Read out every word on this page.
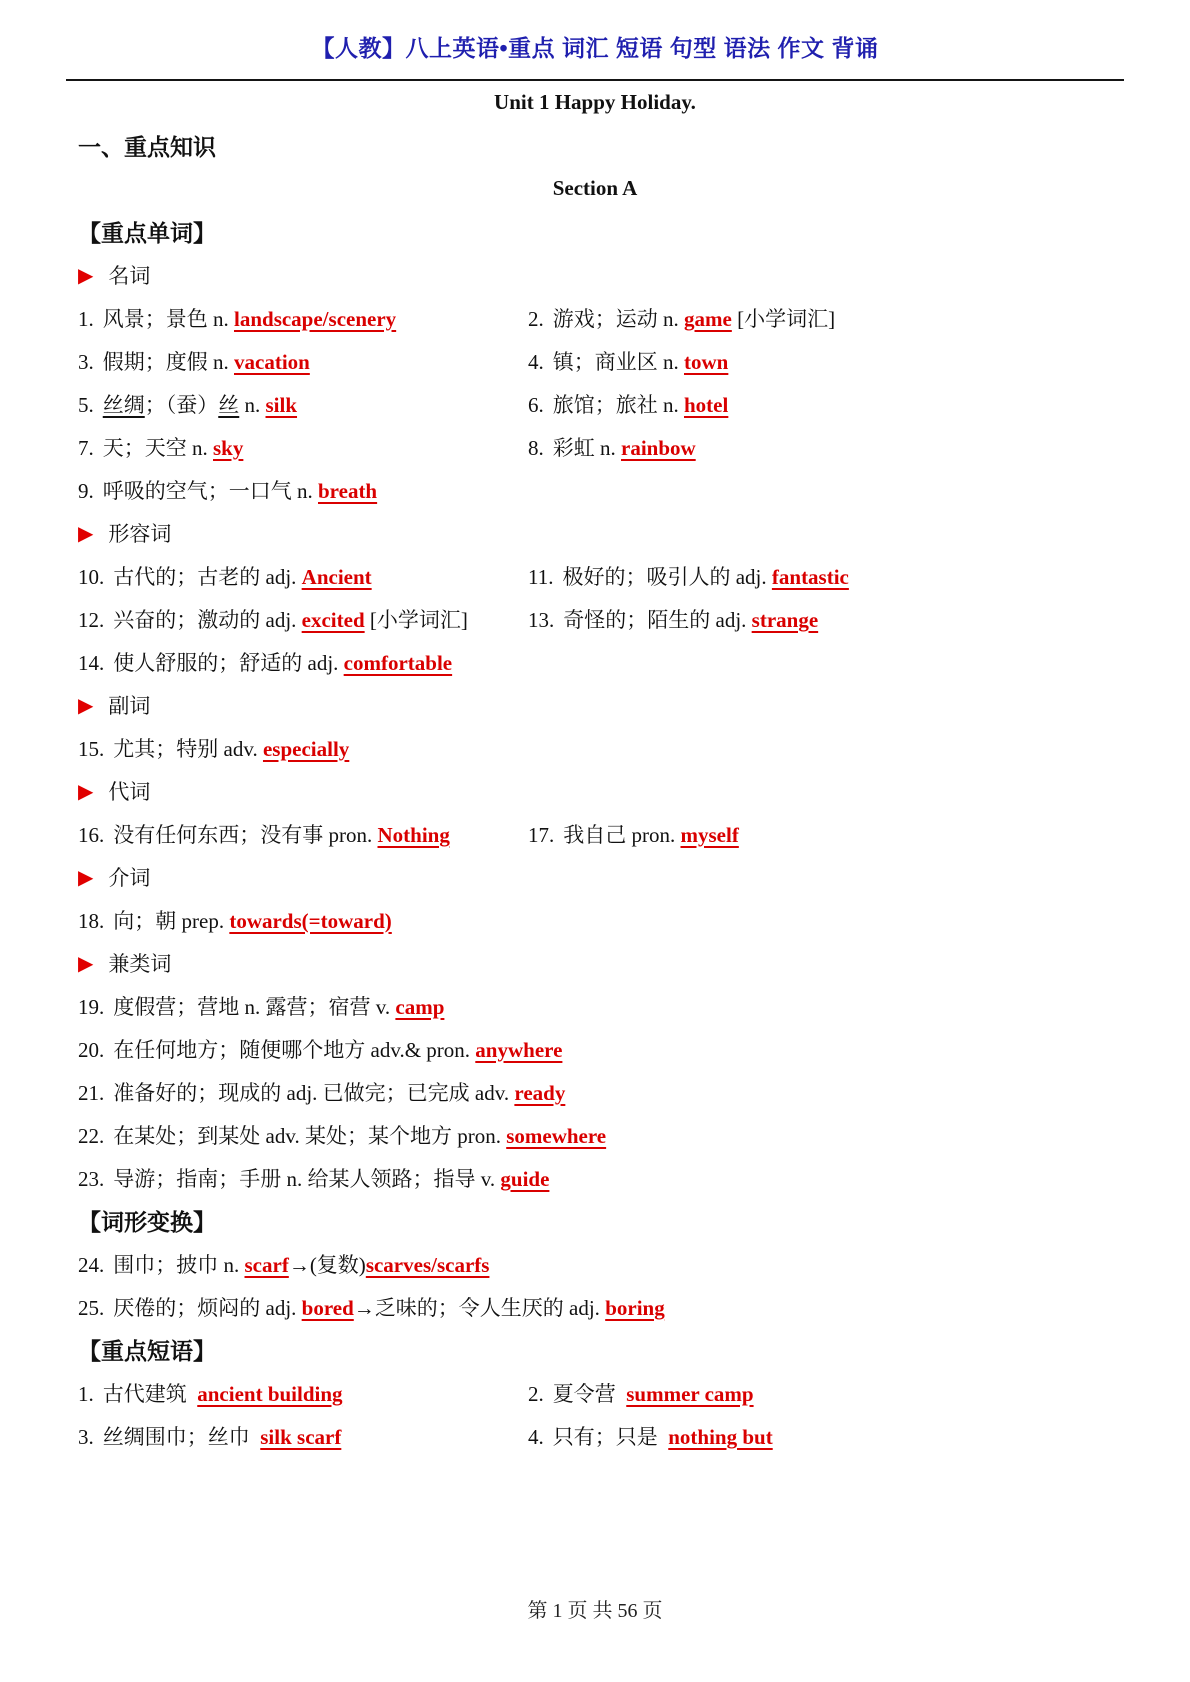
【人教】八上英语•重点 词汇 短语 句型 语法 作文 背诵
Unit 1 Happy Holiday.
一、重点知识
Section A
【重点单词】
▶ 名词
1. 风景；景色 n. landscape/scenery	2. 游戏；运动 n. game [小学词汇]
3. 假期；度假 n. vacation	4. 镇；商业区 n. town
5. 丝绸；（蚕）丝 n. silk	6. 旅馆；旅社 n. hotel
7. 天；天空 n. sky	8. 彩虹 n. rainbow
9. 呼吸的空气；一口气 n. breath
▶ 形容词
10. 古代的；古老的 adj. Ancient	11. 极好的；吸引人的 adj. fantastic
12. 兴奋的；激动的 adj. excited [小学词汇]	13. 奇怪的；陌生的 adj. strange
14. 使人舒服的；舒适的 adj. comfortable
▶ 副词
15. 尤其；特别 adv. especially
▶ 代词
16. 没有任何东西；没有事 pron. Nothing	17. 我自己 pron. myself
▶ 介词
18. 向；朝 prep. towards(=toward)
▶ 兼类词
19. 度假营；营地 n. 露营；宿营 v. camp
20. 在任何地方；随便哪个地方 adv.& pron. anywhere
21. 准备好的；现成的 adj. 已做完；已完成 adv. ready
22. 在某处；到某处 adv. 某处；某个地方 pron. somewhere
23. 导游；指南；手册 n. 给某人领路；指导 v. guide
【词形变换】
24. 围巾；披巾 n. scarf→(复数)scarves/scarfs
25. 厌倦的；烦闷的 adj. bored→乏味的；令人生厌的 adj. boring
【重点短语】
1. 古代建筑  ancient building	2. 夏令营  summer camp
3. 丝绸围巾；丝巾  silk scarf	4. 只有；只是  nothing but
第 1 页 共 56 页
